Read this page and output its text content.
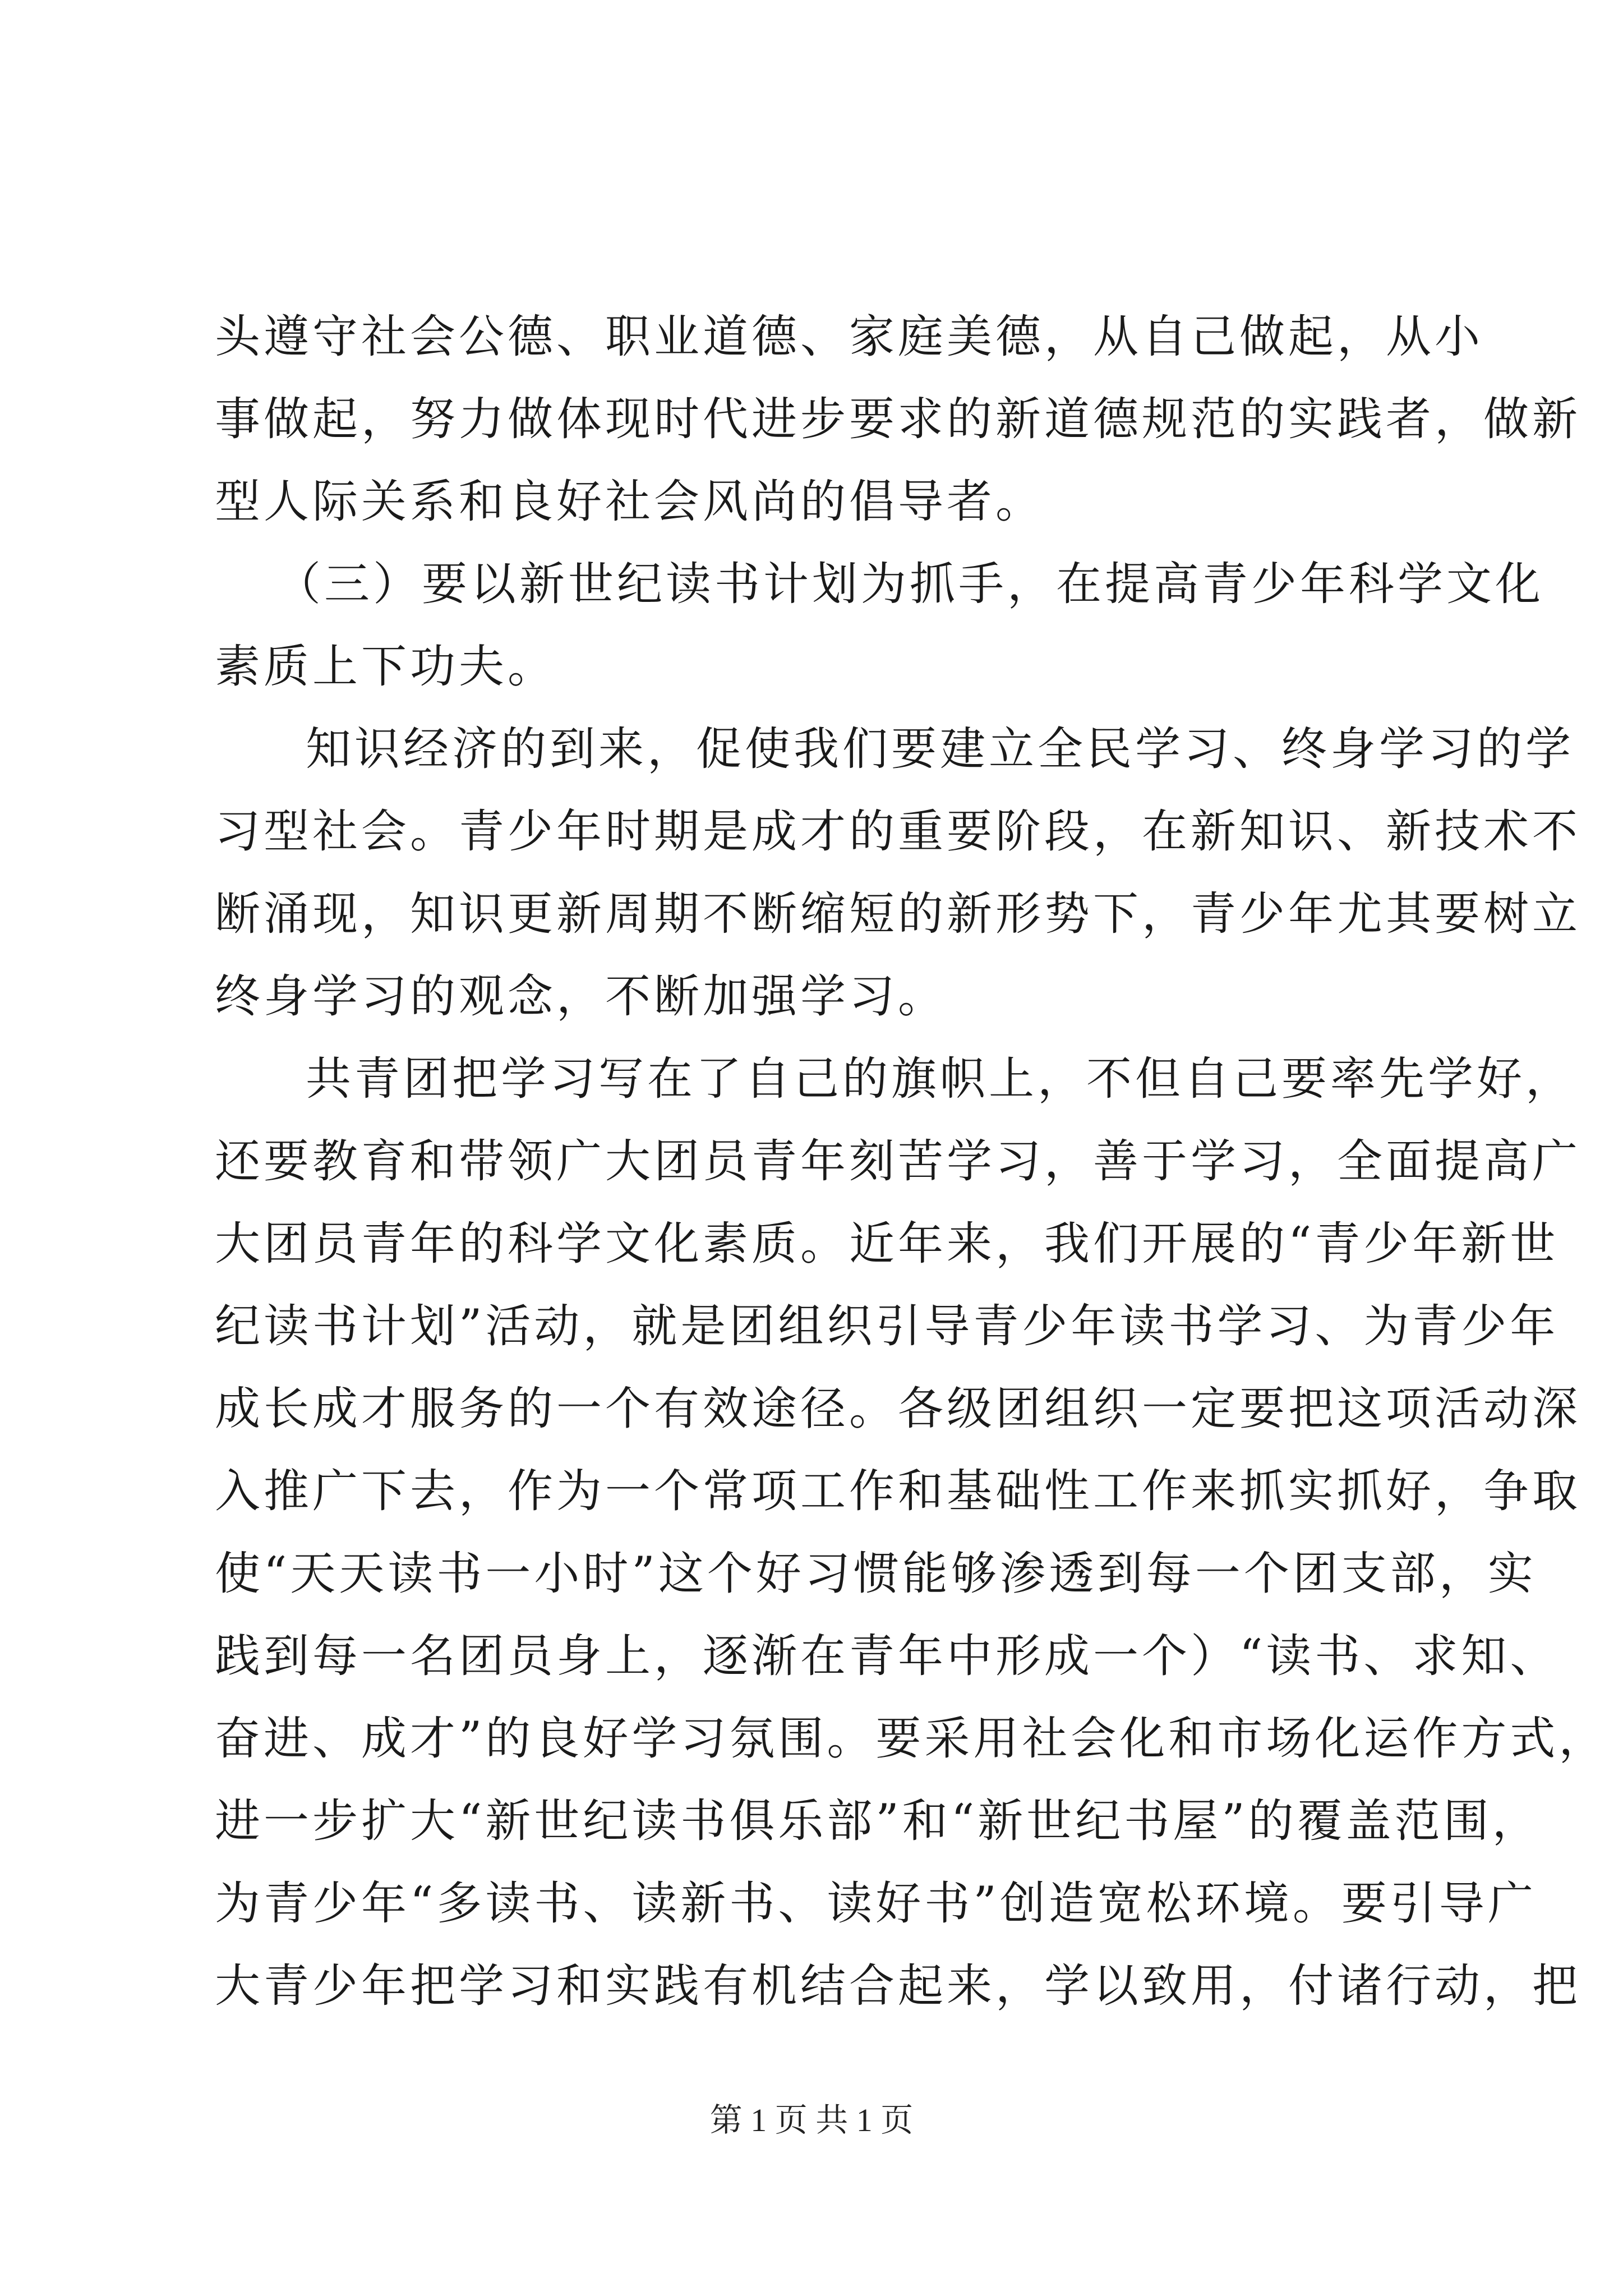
头遵守社会公德、职业道德、家庭美德，从自己做起，从小
事做起，努力做体现时代进步要求的新道德规范的实践者，做新
型人际关系和良好社会风尚的倡导者。
（三）要以新世纪读书计划为抓手，在提高青少年科学文化
素质上下功夫。
知识经济的到来，促使我们要建立全民学习、终身学习的学
习型社会。青少年时期是成才的重要阶段，在新知识、新技术不
断涌现，知识更新周期不断缩短的新形势下，青少年尤其要树立
终身学习的观念，不断加强学习。
共青团把学习写在了自己的旗帜上，不但自己要率先学好，
还要教育和带领广大团员青年刻苦学习，善于学习，全面提高广
大团员青年的科学文化素质。近年来，我们开展的“青少年新世
纪读书计划”活动，就是团组织引导青少年读书学习、为青少年
成长成才服务的一个有效途径。各级团组织一定要把这项活动深
入推广下去，作为一个常项工作和基础性工作来抓实抓好，争取
使“天天读书一小时”这个好习惯能够渗透到每一个团支部，实
践到每一名团员身上，逐渐在青年中形成一个）“读书、求知、
奋进、成才”的良好学习氛围。要采用社会化和市场化运作方式，
进一步扩大“新世纪读书俱乐部”和“新世纪书屋”的覆盖范围，
为青少年“多读书、读新书、读好书”创造宽松环境。要引导广
大青少年把学习和实践有机结合起来，学以致用，付诸行动，把
第 1 页 共 1 页
